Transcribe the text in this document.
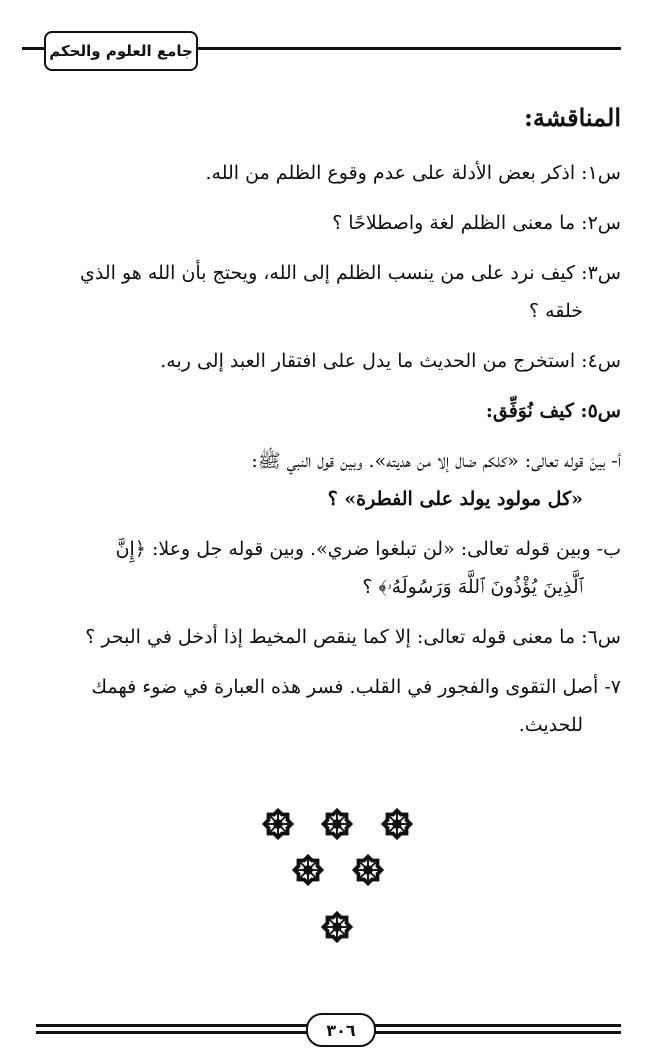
جامع العلوم والحكم
المناقشة:
س١: اذكر بعض الأدلة على عدم وقوع الظلم من الله.
س٢: ما معنى الظلم لغة واصطلاحًا ؟
س٣: كيف نرد على من ينسب الظلم إلى الله، ويحتج بأن الله هو الذي
خلقه ؟
س٤: استخرج من الحديث ما يدل على افتقار العبد إلى ربه.
س٥: كيف نُوَفِّق:
أ- بينَ قوله تعالى: «كلكم ضال إلا من هديته». وبين قول النبي ﷺ:
«كل مولود يولد على الفطرة» ؟
ب- وبين قوله تعالى: «لن تبلغوا ضري». وبين قوله جل وعلا: ﴿إِنَّ
ٱلَّذِينَ يُؤْذُونَ ٱللَّهَ وَرَسُولَهُۥ﴾ ؟
س٦: ما معنى قوله تعالى: إلا كما ينقص المخيط إذا أدخل في البحر ؟
٧- أصل التقوى والفجور في القلب. فسر هذه العبارة في ضوء فهمك
للحديث.
٣٠٦
